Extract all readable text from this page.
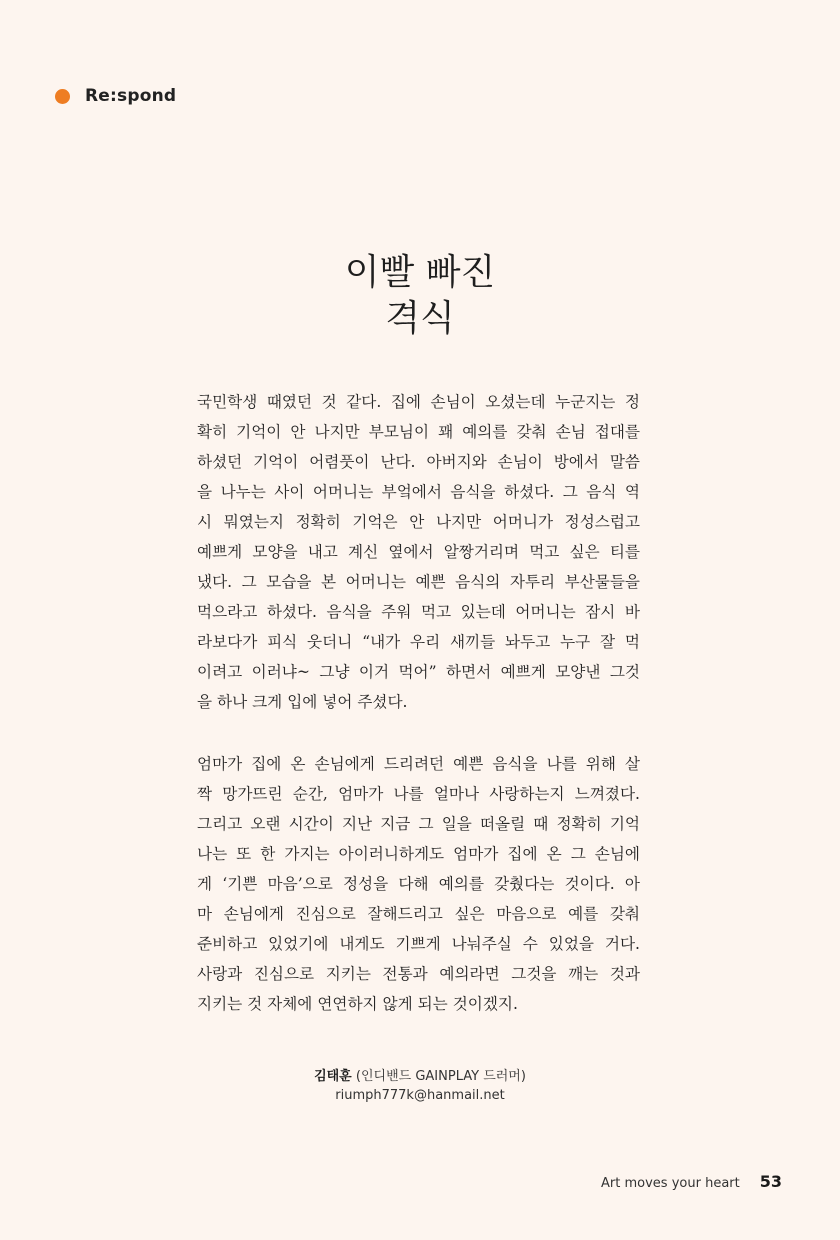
Re:spond
이빨 빠진
격식
국민학생 때였던 것 같다. 집에 손님이 오셨는데 누군지는 정
확히 기억이 안 나지만 부모님이 꽤 예의를 갖춰 손님 접대를
하셨던 기억이 어렴풋이 난다. 아버지와 손님이 방에서 말씀
을 나누는 사이 어머니는 부엌에서 음식을 하셨다. 그 음식 역
시 뭐였는지 정확히 기억은 안 나지만 어머니가 정성스럽고
예쁘게 모양을 내고 계신 옆에서 알짱거리며 먹고 싶은 티를
냈다. 그 모습을 본 어머니는 예쁜 음식의 자투리 부산물들을
먹으라고 하셨다. 음식을 주워 먹고 있는데 어머니는 잠시 바
라보다가 피식 웃더니 “내가 우리 새끼들 놔두고 누구 잘 먹
이려고 이러냐~ 그냥 이거 먹어” 하면서 예쁘게 모양낸 그것
을 하나 크게 입에 넣어 주셨다.
엄마가 집에 온 손님에게 드리려던 예쁜 음식을 나를 위해 살
짝 망가뜨린 순간, 엄마가 나를 얼마나 사랑하는지 느껴졌다.
그리고 오랜 시간이 지난 지금 그 일을 떠올릴 때 정확히 기억
나는 또 한 가지는 아이러니하게도 엄마가 집에 온 그 손님에
게 ‘기쁜 마음’으로 정성을 다해 예의를 갖췄다는 것이다. 아
마 손님에게 진심으로 잘해드리고 싶은 마음으로 예를 갖춰
준비하고 있었기에 내게도 기쁘게 나눠주실 수 있었을 거다.
사랑과 진심으로 지키는 전통과 예의라면 그것을 깨는 것과
지키는 것 자체에 연연하지 않게 되는 것이겠지.
김태훈 (인디밴드 GAINPLAY 드러머)
riumph777k@hanmail.net
Art moves your heart 53
